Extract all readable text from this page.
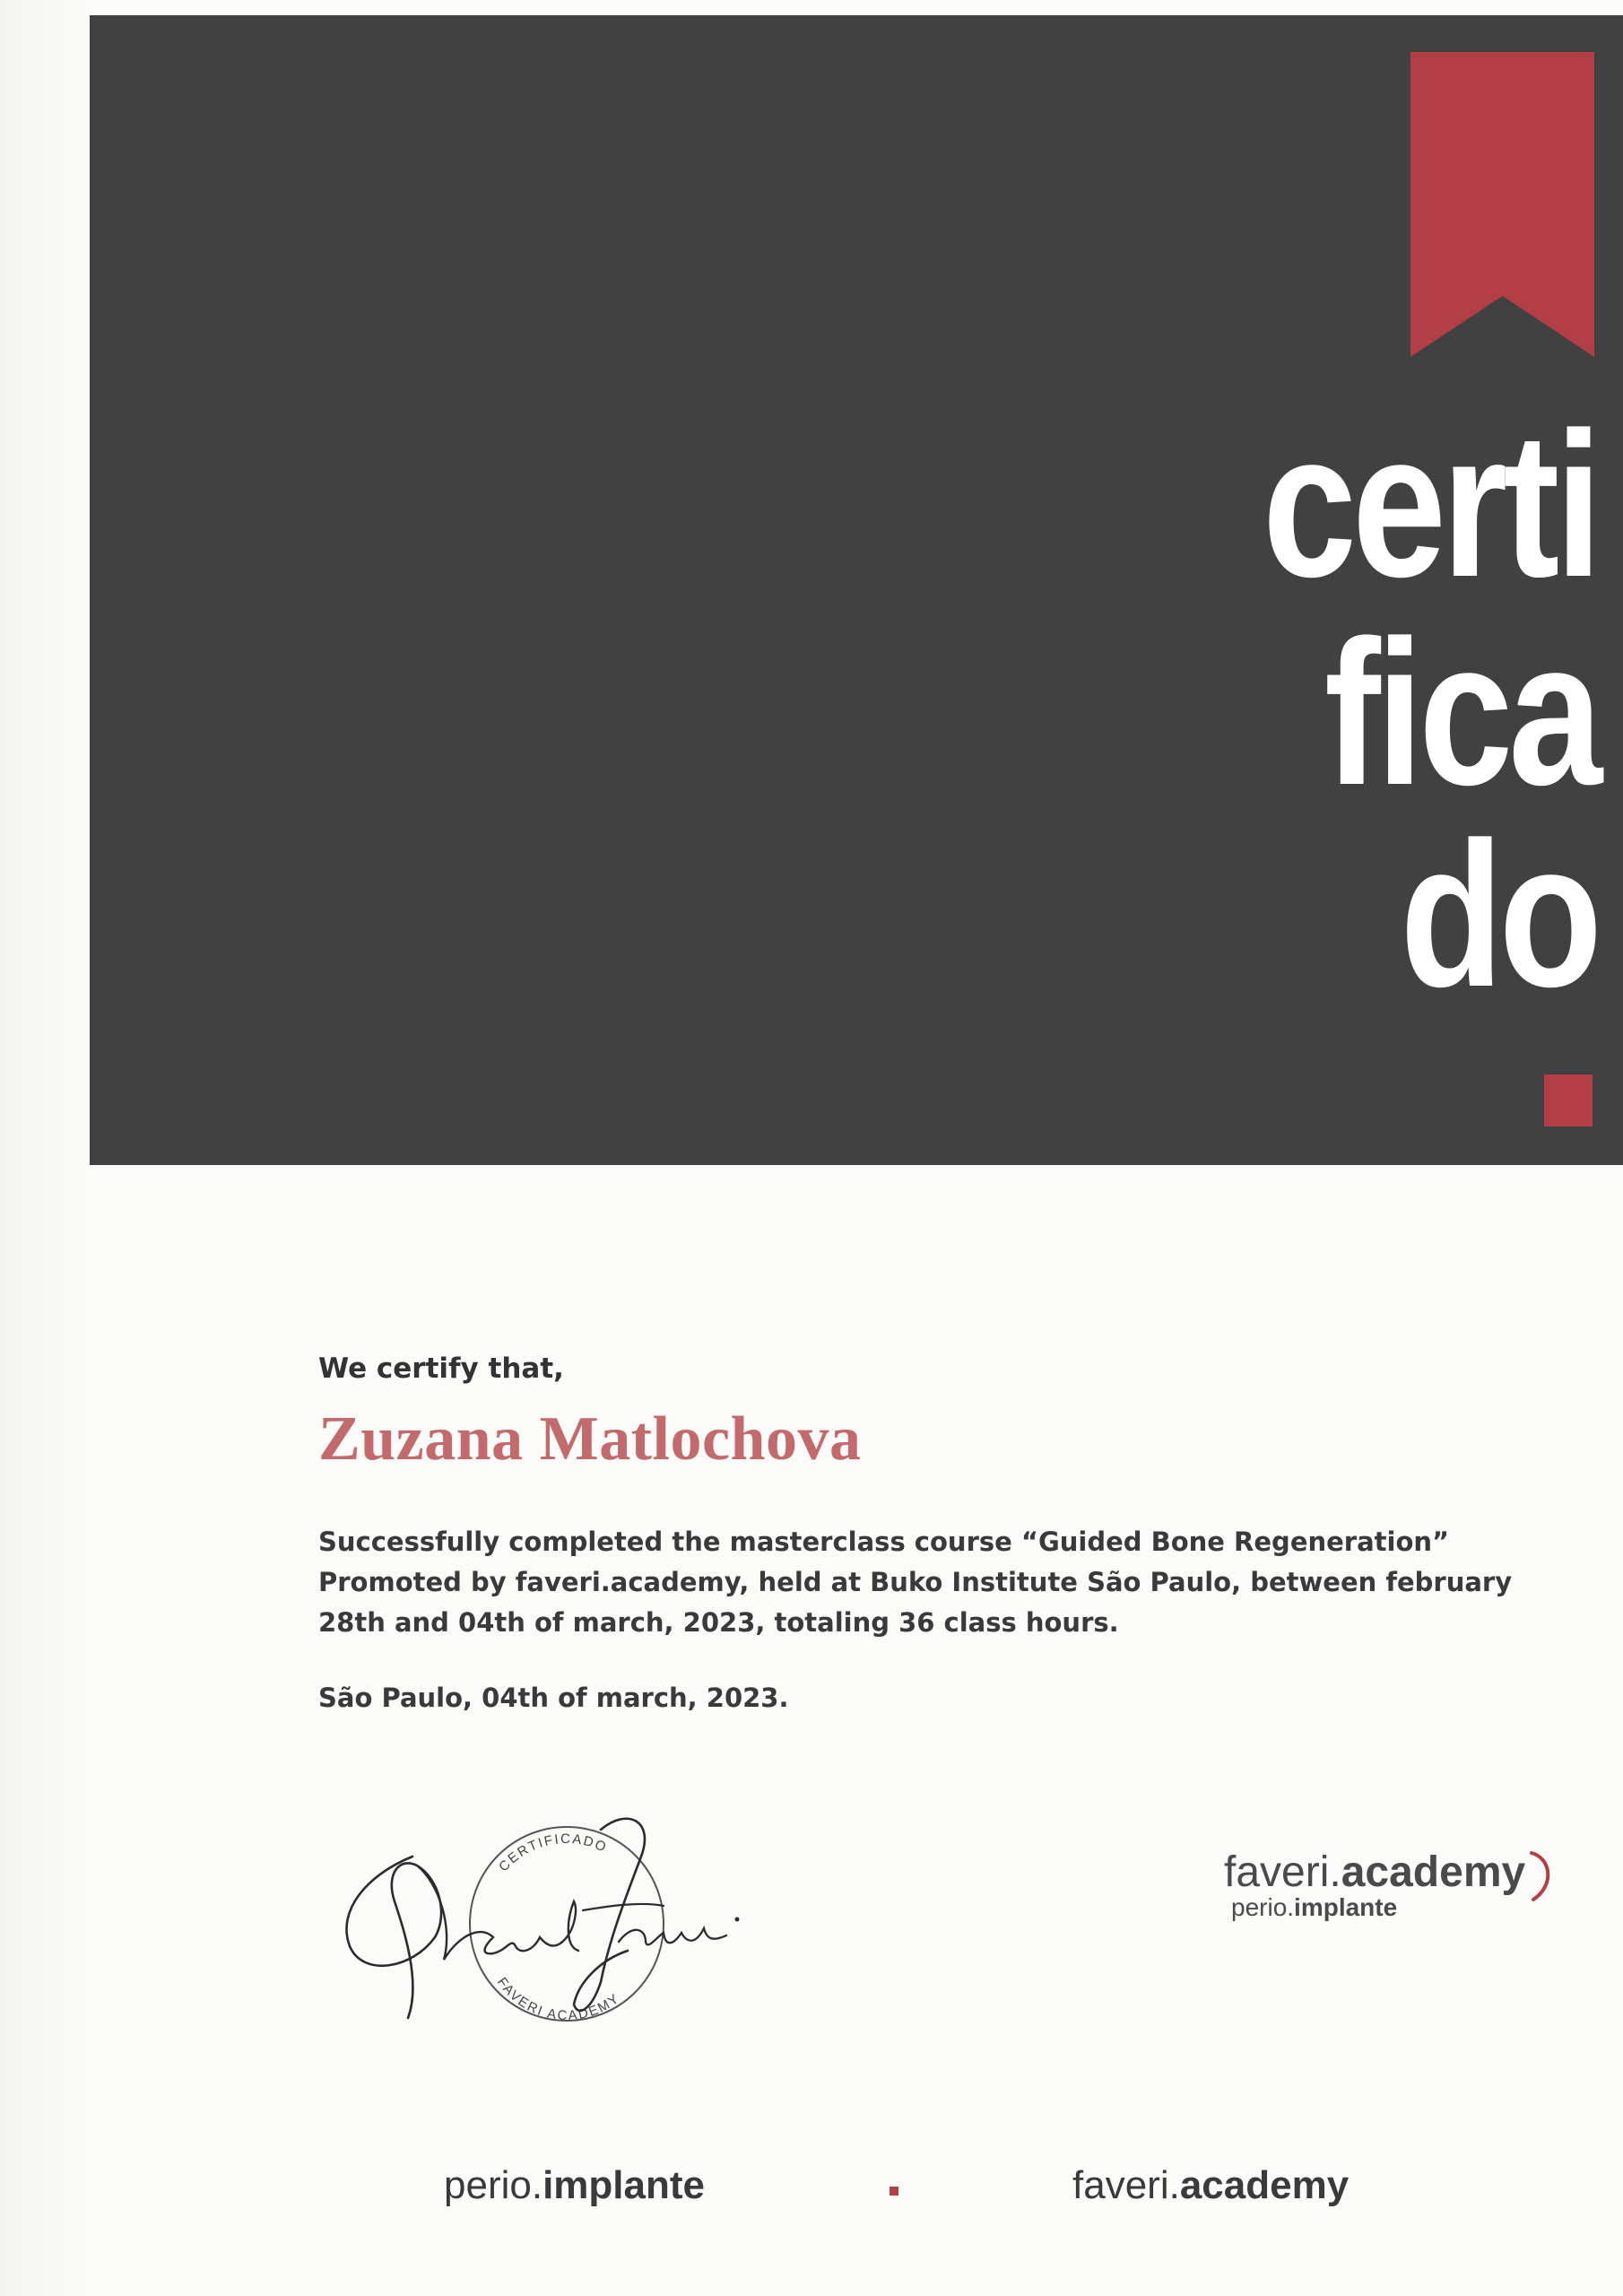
certi
fica
do
We certify that,
Zuzana Matlochova
Successfully completed the masterclass course “Guided Bone Regeneration”
Promoted by faveri.academy, held at Buko Institute São Paulo, between february
28th and 04th of march, 2023, totaling 36 class hours.
São Paulo, 04th of march, 2023.
CERTIFICADO
FAVERI ACADEMY
faveri.academy
perio.implante
perio.implante	faveri.academy
